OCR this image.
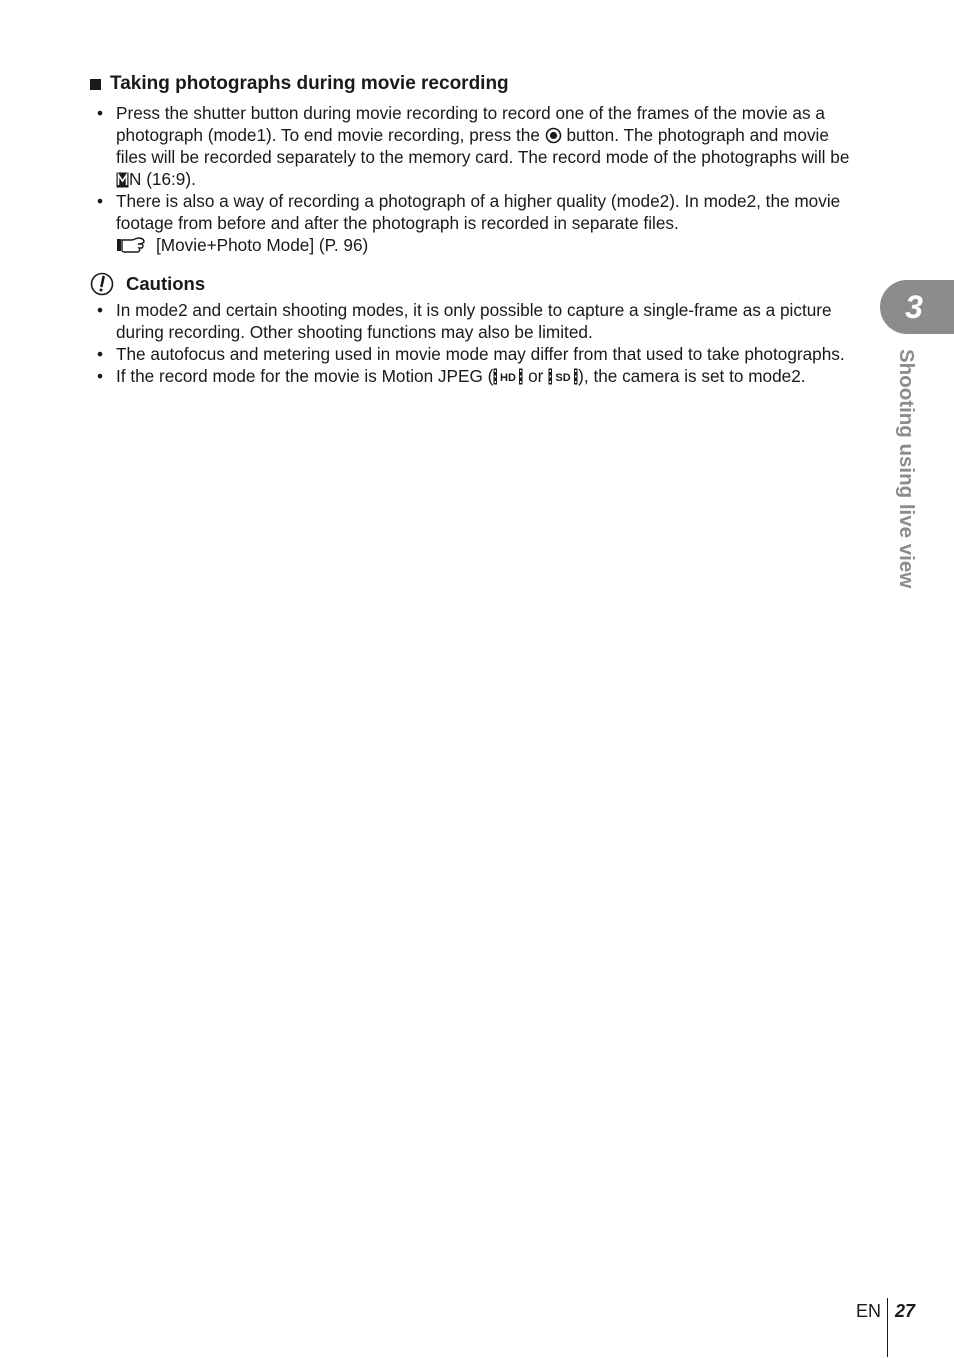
Taking photographs during movie recording
• Press the shutter button during movie recording to record one of the frames of the movie as a photograph (mode1). To end movie recording, press the  button. The photograph and movie files will be recorded separately to the memory card. The record mode of the photographs will be N (16:9).
• There is also a way of recording a photograph of a higher quality (mode2). In mode2, the movie footage from before and after the photograph is recorded in separate files.
[Movie+Photo Mode] (P. 96)
Cautions
• In mode2 and certain shooting modes, it is only possible to capture a single-frame as a picture during recording. Other shooting functions may also be limited.
• The autofocus and metering used in movie mode may differ from that used to take photographs.
• If the record mode for the movie is Motion JPEG ( HD or SD ), the camera is set to mode2.
3
Shooting using live view
EN 27
